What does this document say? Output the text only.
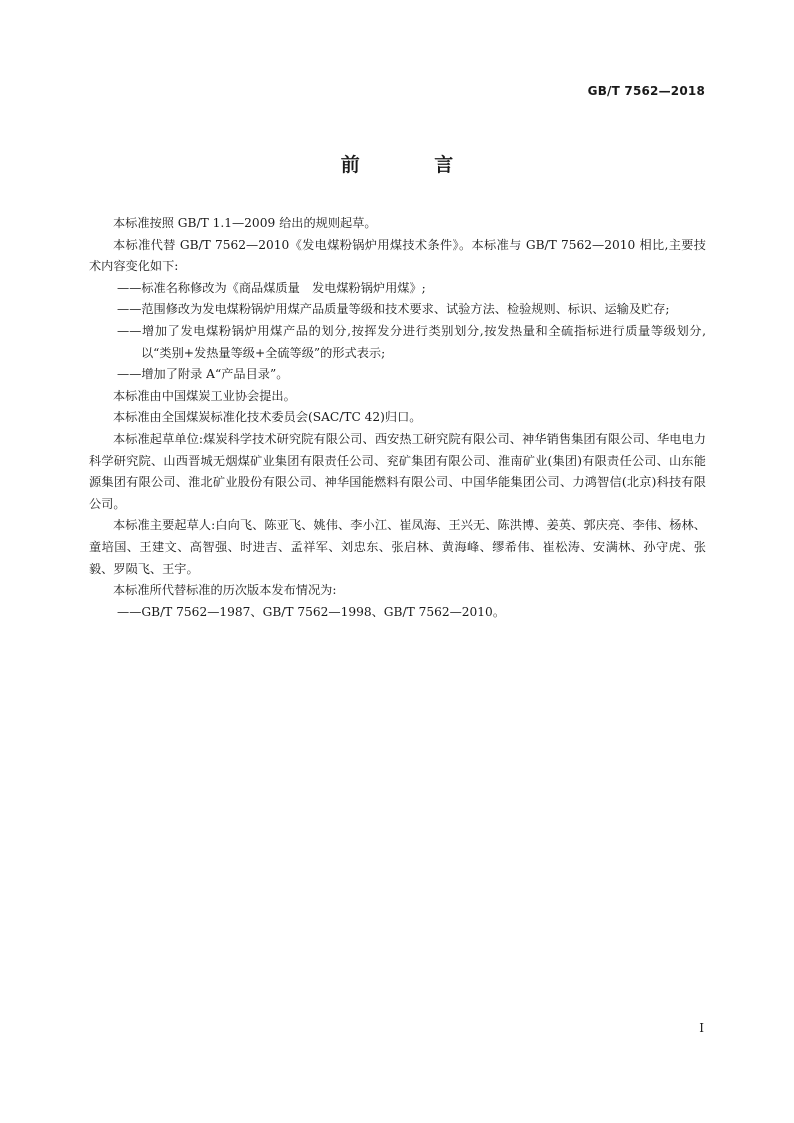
GB/T 7562—2018
前 言

本标准按照 GB/T 1.1—2009 给出的规则起草。

本标准代替 GB/T 7562—2010《发电煤粉锅炉用煤技术条件》。本标准与 GB/T 7562—2010 相比,主要技术内容变化如下:

——标准名称修改为《商品煤质量　发电煤粉锅炉用煤》;

——范围修改为发电煤粉锅炉用煤产品质量等级和技术要求、试验方法、检验规则、标识、运输及贮存;

——增加了发电煤粉锅炉用煤产品的划分,按挥发分进行类别划分,按发热量和全硫指标进行质量等级划分,以“类别+发热量等级+全硫等级”的形式表示;

——增加了附录 A“产品目录”。

本标准由中国煤炭工业协会提出。

本标准由全国煤炭标准化技术委员会(SAC/TC 42)归口。

本标准起草单位:煤炭科学技术研究院有限公司、西安热工研究院有限公司、神华销售集团有限公司、华电电力科学研究院、山西晋城无烟煤矿业集团有限责任公司、兖矿集团有限公司、淮南矿业(集团)有限责任公司、山东能源集团有限公司、淮北矿业股份有限公司、神华国能燃料有限公司、中国华能集团公司、力鸿智信(北京)科技有限公司。

本标准主要起草人:白向飞、陈亚飞、姚伟、李小江、崔凤海、王兴无、陈洪博、姜英、郭庆亮、李伟、杨林、童培国、王建文、高智强、时进吉、孟祥军、刘忠东、张启林、黄海峰、缪希伟、崔松涛、安满林、孙守虎、张毅、罗陨飞、王宇。

本标准所代替标准的历次版本发布情况为:

——GB/T 7562—1987、GB/T 7562—1998、GB/T 7562—2010。

I
